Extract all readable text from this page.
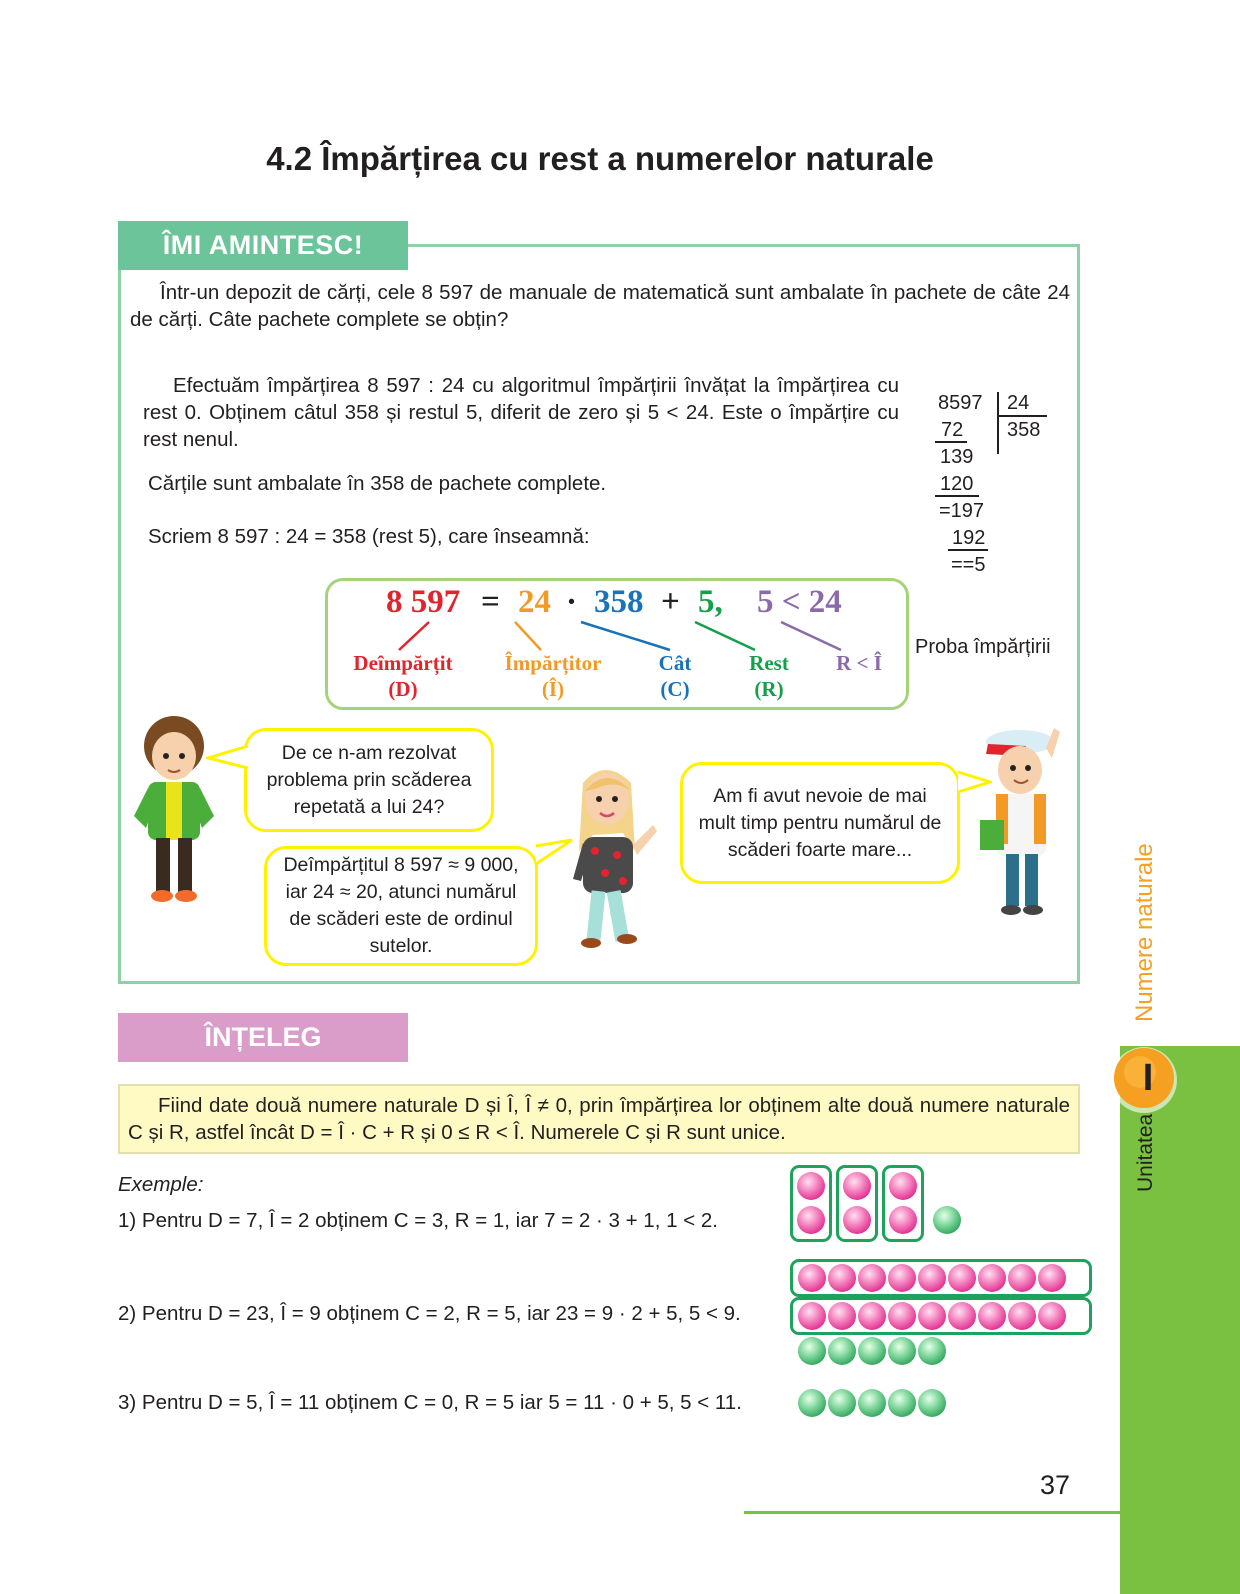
4.2 Împărțirea cu rest a numerelor naturale
ÎMI AMINTESC!
Într-un depozit de cărți, cele 8 597 de manuale de matematică sunt ambalate în pachete de câte 24 de cărți. Câte pachete complete se obțin?
Efectuăm împărțirea 8 597 : 24 cu algoritmul împărțirii învățat la împărțirea cu rest 0. Obținem câtul 358 și restul 5, diferit de zero și 5 < 24. Este o împărțire cu rest nenul.
Cărțile sunt ambalate în 358 de pachete complete.
Scriem 8 597 : 24 = 358 (rest 5), care înseamnă:
8597 24
358
72
139
120
=197
192
==5
8 597 = 24 · 358 + 5, 5 < 24
Deîmpărțit
(D)
Împărțitor
(Î)
Cât
(C)
Rest
(R)
R < Î
Proba împărțirii
De ce n-am rezolvat problema prin scăderea repetată a lui 24?
Deîmpărțitul 8 597 ≈ 9 000, iar 24 ≈ 20, atunci numărul de scăderi este de ordinul sutelor.
Am fi avut nevoie de mai mult timp pentru numărul de scăderi foarte mare...
ÎNȚELEG
Fiind date două numere naturale D și Î, Î ≠ 0, prin împărțirea lor obținem alte două numere naturale C și R, astfel încât D = Î · C + R și 0 ≤ R < Î. Numerele C și R sunt unice.
Exemple:
1) Pentru D = 7, Î = 2 obținem C = 3, R = 1, iar 7 = 2 · 3 + 1, 1 < 2.
2) Pentru D = 23, Î = 9 obținem C = 2, R = 5, iar 23 = 9 · 2 + 5, 5 < 9.
3) Pentru D = 5, Î = 11 obținem C = 0, R = 5 iar 5 = 11 · 0 + 5, 5 < 11.
I
Unitatea
Numere naturale
37
